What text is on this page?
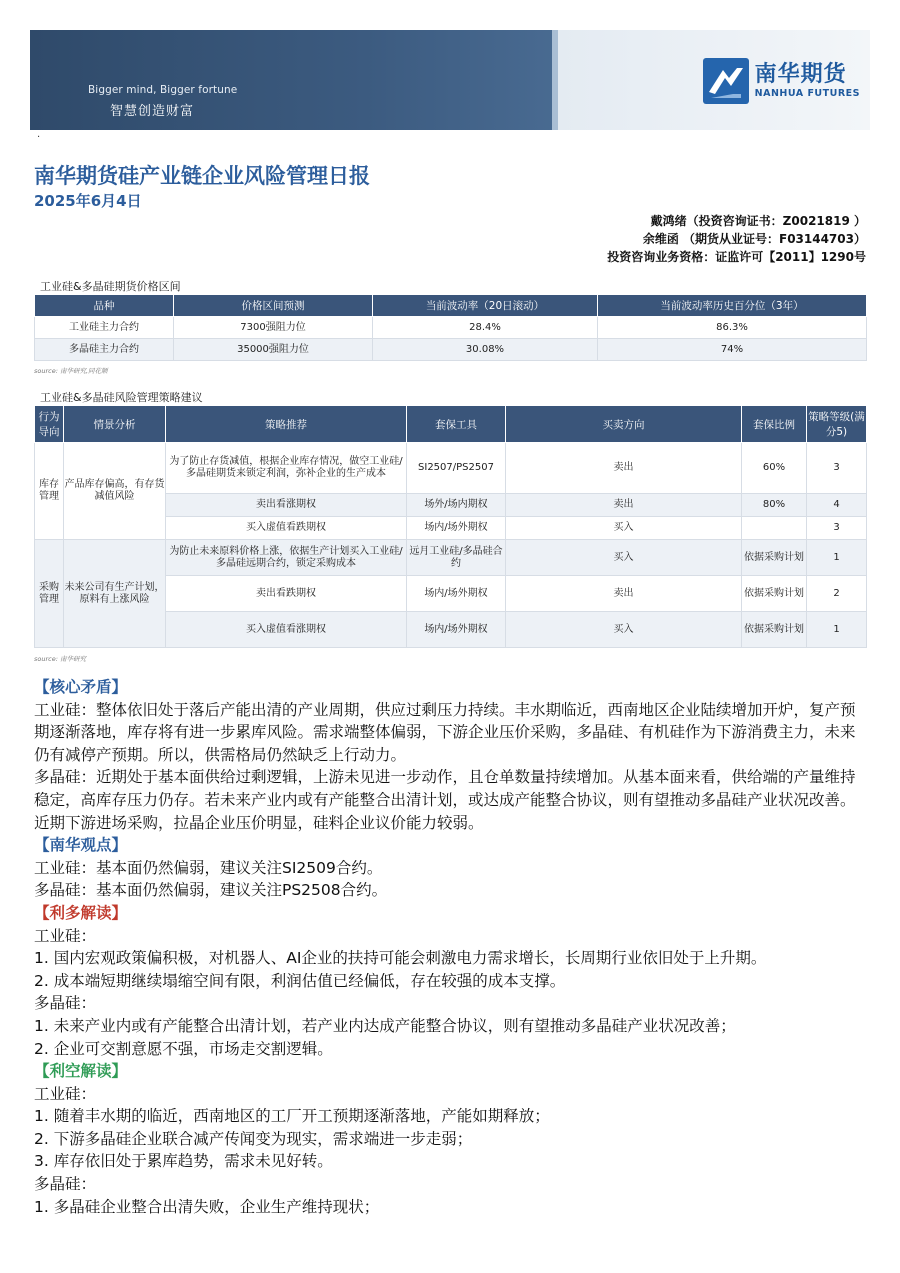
Bigger mind, Bigger fortune
智慧创造财富
南华期货
NANHUA FUTURES
·
南华期货硅产业链企业风险管理日报
2025年6月4日
戴鸿绪（投资咨询证书：Z0021819 ）
余维函 （期货从业证号：F03144703）
投资咨询业务资格：证监许可【2011】1290号
工业硅&多晶硅期货价格区间
品种	价格区间预测	当前波动率（20日滚动）	当前波动率历史百分位（3年）
工业硅主力合约	7300强阻力位	28.4%	86.3%
多晶硅主力合约	35000强阻力位	30.08%	74%
source: 南华研究,同花顺
工业硅&多晶硅风险管理策略建议
行为导向	情景分析	策略推荐	套保工具	买卖方向	套保比例	策略等级(满分5)
库存管理	产品库存偏高，有存货减值风险	为了防止存货减值，根据企业库存情况，做空工业硅/多晶硅期货来锁定利润，弥补企业的生产成本	SI2507/PS2507	卖出	60%	3
		卖出看涨期权	场外/场内期权	卖出	80%	4
		买入虚值看跌期权	场内/场外期权	买入		3
采购管理	未来公司有生产计划，原料有上涨风险	为防止未来原料价格上涨，依据生产计划买入工业硅/多晶硅远期合约，锁定采购成本	远月工业硅/多晶硅合约	买入	依据采购计划	1
		卖出看跌期权	场内/场外期权	卖出	依据采购计划	2
		买入虚值看涨期权	场内/场外期权	买入	依据采购计划	1
source: 南华研究

【核心矛盾】

工业硅：整体依旧处于落后产能出清的产业周期，供应过剩压力持续。丰水期临近，西南地区企业陆续增加开炉，复产预期逐渐落地，库存将有进一步累库风险。需求端整体偏弱，下游企业压价采购，多晶硅、有机硅作为下游消费主力，未来仍有减停产预期。所以，供需格局仍然缺乏上行动力。

多晶硅：近期处于基本面供给过剩逻辑，上游未见进一步动作，且仓单数量持续增加。从基本面来看，供给端的产量维持稳定，高库存压力仍存。若未来产业内或有产能整合出清计划，或达成产能整合协议，则有望推动多晶硅产业状况改善。近期下游进场采购，拉晶企业压价明显，硅料企业议价能力较弱。

【南华观点】

工业硅：基本面仍然偏弱，建议关注SI2509合约。

多晶硅：基本面仍然偏弱，建议关注PS2508合约。

【利多解读】

工业硅：

1. 国内宏观政策偏积极，对机器人、AI企业的扶持可能会刺激电力需求增长，长周期行业依旧处于上升期。

2. 成本端短期继续塌缩空间有限，利润估值已经偏低，存在较强的成本支撑。

多晶硅：

1. 未来产业内或有产能整合出清计划，若产业内达成产能整合协议，则有望推动多晶硅产业状况改善；

2. 企业可交割意愿不强，市场走交割逻辑。

【利空解读】

工业硅：

1. 随着丰水期的临近，西南地区的工厂开工预期逐渐落地，产能如期释放；

2. 下游多晶硅企业联合减产传闻变为现实，需求端进一步走弱；

3. 库存依旧处于累库趋势，需求未见好转。

多晶硅：

1. 多晶硅企业整合出清失败，企业生产维持现状；
